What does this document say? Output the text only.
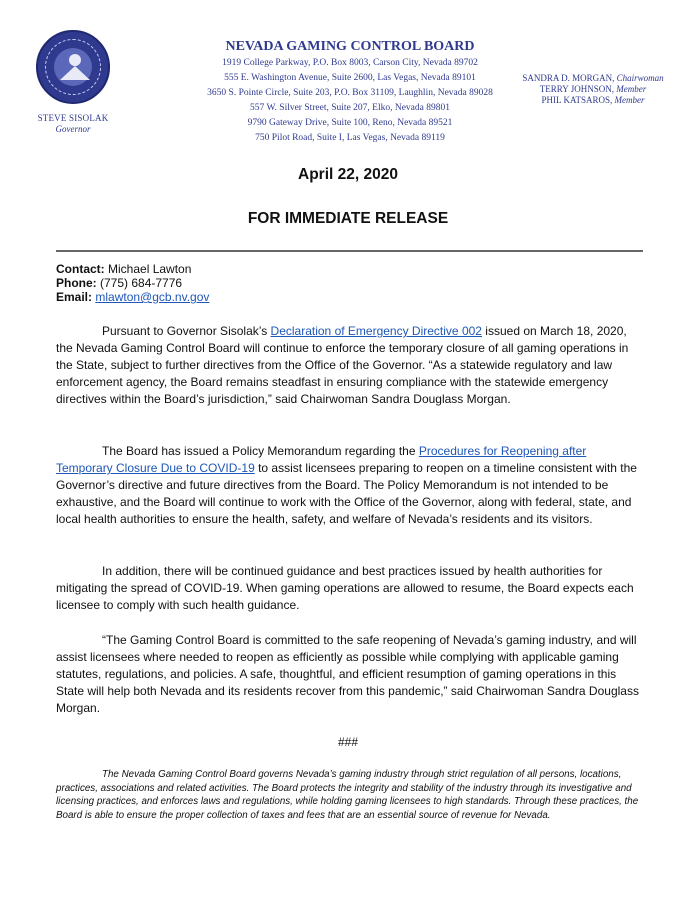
STEVE SISOLAK
Governor
NEVADA GAMING CONTROL BOARD
1919 College Parkway, P.O. Box 8003, Carson City, Nevada 89702
555 E. Washington Avenue, Suite 2600, Las Vegas, Nevada 89101
3650 S. Pointe Circle, Suite 203, P.O. Box 31109, Laughlin, Nevada 89028
557 W. Silver Street, Suite 207, Elko, Nevada 89801
9790 Gateway Drive, Suite 100, Reno, Nevada 89521
750 Pilot Road, Suite I, Las Vegas, Nevada 89119
SANDRA D. MORGAN, Chairwoman
TERRY JOHNSON, Member
PHIL KATSAROS, Member
April 22, 2020
FOR IMMEDIATE RELEASE
Contact: Michael Lawton
Phone: (775) 684-7776
Email: mlawton@gcb.nv.gov

Pursuant to Governor Sisolak’s Declaration of Emergency Directive 002 issued on March 18, 2020, the Nevada Gaming Control Board will continue to enforce the temporary closure of all gaming operations in the State, subject to further directives from the Office of the Governor. “As a statewide regulatory and law enforcement agency, the Board remains steadfast in ensuring compliance with the statewide emergency directives within the Board’s jurisdiction,” said Chairwoman Sandra Douglass Morgan.

The Board has issued a Policy Memorandum regarding the Procedures for Reopening after Temporary Closure Due to COVID-19 to assist licensees preparing to reopen on a timeline consistent with the Governor’s directive and future directives from the Board. The Policy Memorandum is not intended to be exhaustive, and the Board will continue to work with the Office of the Governor, along with federal, state, and local health authorities to ensure the health, safety, and welfare of Nevada’s residents and its visitors.

In addition, there will be continued guidance and best practices issued by health authorities for mitigating the spread of COVID-19. When gaming operations are allowed to resume, the Board expects each licensee to comply with such health guidance.

“The Gaming Control Board is committed to the safe reopening of Nevada’s gaming industry, and will assist licensees where needed to reopen as efficiently as possible while complying with applicable gaming statutes, regulations, and policies. A safe, thoughtful, and efficient resumption of gaming operations in this State will help both Nevada and its residents recover from this pandemic,” said Chairwoman Sandra Douglass Morgan.

###

The Nevada Gaming Control Board governs Nevada’s gaming industry through strict regulation of all persons, locations, practices, associations and related activities. The Board protects the integrity and stability of the industry through its investigative and licensing practices, and enforces laws and regulations, while holding gaming licensees to high standards. Through these practices, the Board is able to ensure the proper collection of taxes and fees that are an essential source of revenue for Nevada.
